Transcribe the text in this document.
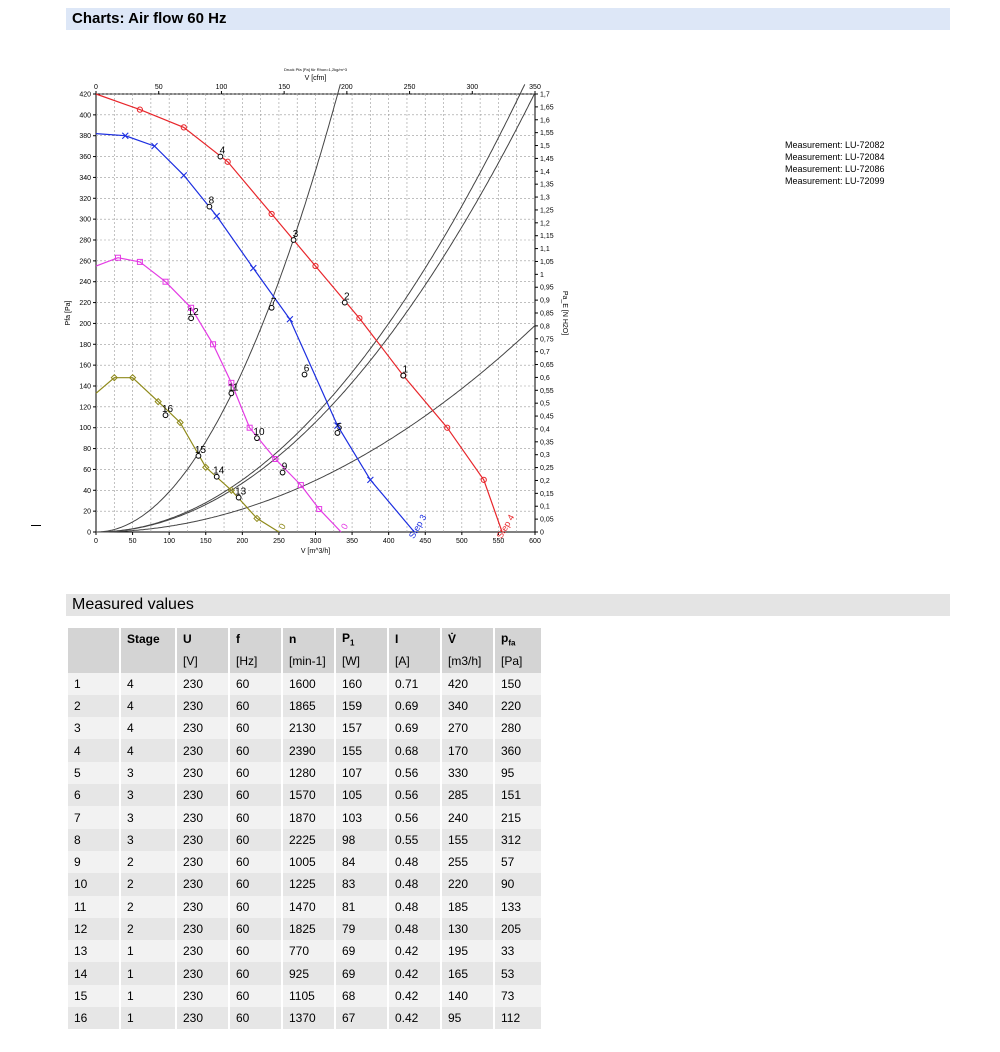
Charts: Air flow 60 Hz
0	50	100	150	200	250	300	350	400	450	500	550	600
0	50	100	150	200	250	300	350
0
20
40
60
80
100
120
140
160
180
200
220
240
260
280
300
320
340
360
380
400
420
0
0,05
0,1
0,15
0,2
0,25
0,3
0,35
0,4
0,45
0,5
0,55
0,6
0,65
0,7
0,75
0,8
0,85
0,9
0,95
1
1,05
1,1
1,15
1,2
1,25
1,3
1,35
1,4
1,45
1,5
1,55
1,6
1,65
1,7
Druck Pfa [Pa] für Rhon=1,2kg/m^3
V [cfm]
V [m^3/h]
Pfa [Pa]	Pa_E [N H2O]
Step 4
Step 3
0
0
1
2
3
4
5
6
7
8
9
10
11
12
13
14
15
16
Measurement: LU-72082
Measurement: LU-72084
Measurement: LU-72086
Measurement: LU-72099
Measured values
	Stage	U	f	n	$P_1$	I	V̇	$p_{fa}$
		[V]	[Hz]	[min-1]	[W]	[A]	[m3/h]	[Pa]
1	4	230	60	1600	160	0.71	420	150
2	4	230	60	1865	159	0.69	340	220
3	4	230	60	2130	157	0.69	270	280
4	4	230	60	2390	155	0.68	170	360
5	3	230	60	1280	107	0.56	330	95
6	3	230	60	1570	105	0.56	285	151
7	3	230	60	1870	103	0.56	240	215
8	3	230	60	2225	98	0.55	155	312
9	2	230	60	1005	84	0.48	255	57
10	2	230	60	1225	83	0.48	220	90
11	2	230	60	1470	81	0.48	185	133
12	2	230	60	1825	79	0.48	130	205
13	1	230	60	770	69	0.42	195	33
14	1	230	60	925	69	0.42	165	53
15	1	230	60	1105	68	0.42	140	73
16	1	230	60	1370	67	0.42	95	112
